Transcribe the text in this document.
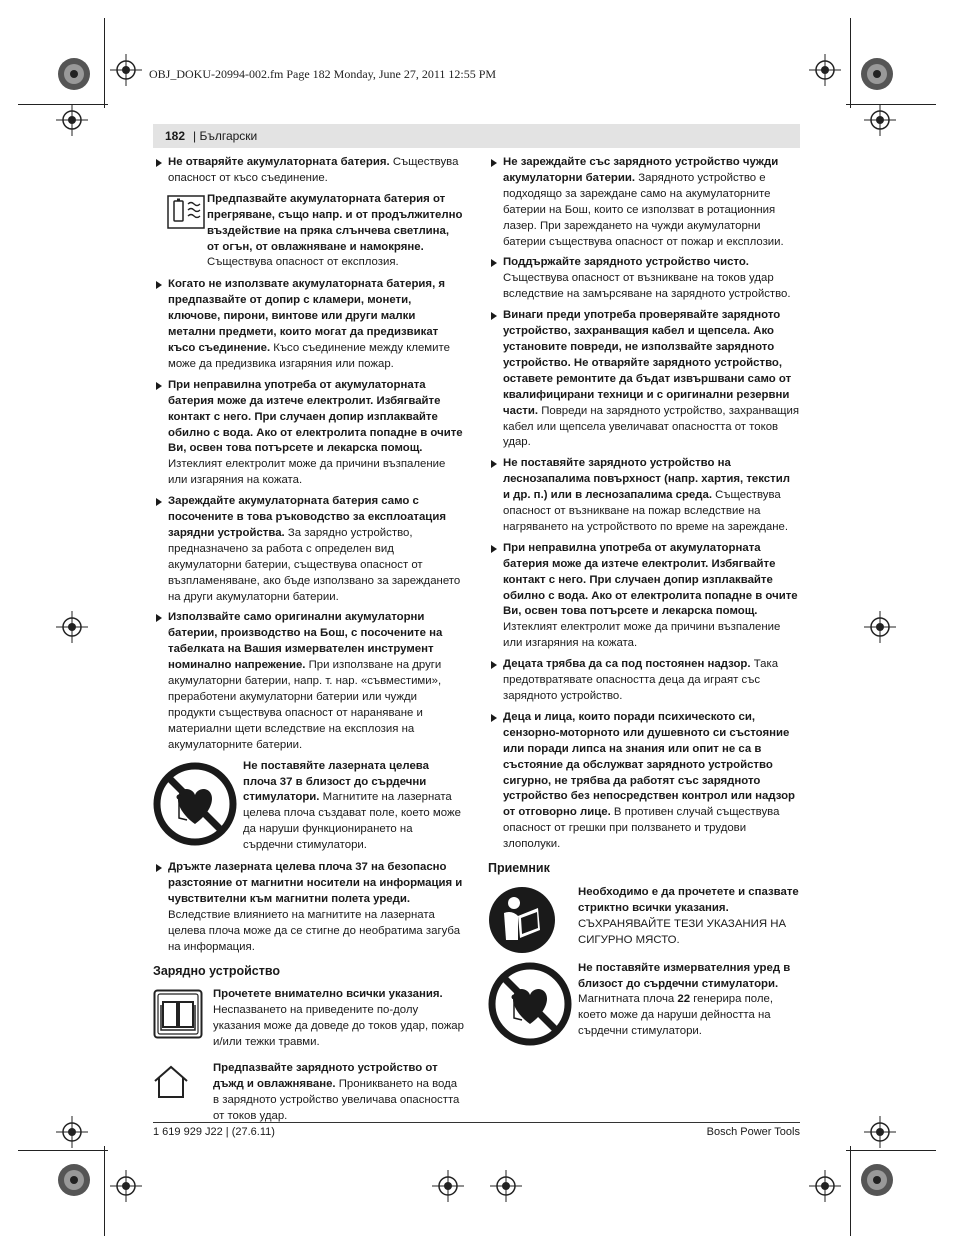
OBJ_DOKU-20994-002.fm Page 182 Monday, June 27, 2011 12:55 PM
182 | Български

Не отваряйте акумулаторната батерия. Съществува опасност от късо съединение.

Предпазвайте акумулаторната батерия от прегряване, също напр. и от продължително въздействие на пряка слънчева светлина, от огън, от овлажняване и намокряне. Съществува опасност от експлозия.

Когато не използвате акумулаторната батерия, я предпазвайте от допир с кламери, монети, ключове, пирони, винтове или други малки метални предмети, които могат да предизвикат късо съединение. Късо съединение между клемите може да предизвика изгаряния или пожар.

При неправилна употреба от акумулаторната батерия може да изтече електролит. Избягвайте контакт с него. При случаен допир изплаквайте обилно с вода. Ако от електролита попадне в очите Ви, освен това потърсете и лекарска помощ. Изтеклият електролит може да причини възпаление или изгаряния на кожата.

Зареждайте акумулаторната батерия само с посочените в това ръководство за експлоатация зарядни устройства. За зарядно устройство, предназначено за работа с определен вид акумулаторни батерии, съществува опасност от възпламеняване, ако бъде използвано за зареждането на други акумулаторни батерии.

Използвайте само оригинални акумулаторни батерии, производство на Бош, с посочените на табелката на Вашия измервателен инструмент номинално напрежение. При използване на други акумулаторни батерии, напр. т. нар. «съвместими», преработени акумулаторни батерии или чужди продукти съществува опасност от нараняване и материални щети вследствие на експлозия на акумулаторните батерии.

Не поставяйте лазерната целева плоча 37 в близост до сърдечни стимулатори. Магнитите на лазерната целева плоча създават поле, което може да наруши функционирането на сърдечни стимулатори.

Дръжте лазерната целева плоча 37 на безопасно разстояние от магнитни носители на информация и чувствителни към магнитни полета уреди. Вследствие влиянието на магнитите на лазерната целева плоча може да се стигне до необратима загуба на информация.

Зарядно устройство

Прочетете внимателно всички указания. Неспазването на приведените по-долу указания може да доведе до токов удар, пожар и/или тежки травми.

Предпазвайте зарядното устройство от дъжд и овлажняване. Проникването на вода в зарядното устройство увеличава опасността от токов удар.

Не зареждайте със зарядното устройство чужди акумулаторни батерии. Зарядното устройство е подходящо за зареждане само на акумулаторните батерии на Бош, които се използват в ротационния лазер. При зареждането на чужди акумулаторни батерии съществува опасност от пожар и експлозии.

Поддържайте зарядното устройство чисто. Съществува опасност от възникване на токов удар вследствие на замърсяване на зарядното устройство.

Винаги преди употреба проверявайте зарядното устройство, захранващия кабел и щепсела. Ако установите повреди, не използвайте зарядното устройство. Не отваряйте зарядното устройство, оставете ремонтите да бъдат извършвани само от квалифицирани техници и с оригинални резервни части. Повреди на зарядното устройство, захранващия кабел или щепсела увеличават опасността от токов удар.

Не поставяйте зарядното устройство на леснозапалима повърхност (напр. хартия, текстил и др. п.) или в леснозапалима среда. Съществува опасност от възникване на пожар вследствие на нагряването на устройството по време на зареждане.

При неправилна употреба от акумулаторната батерия може да изтече електролит. Избягвайте контакт с него. При случаен допир изплаквайте обилно с вода. Ако от електролита попадне в очите Ви, освен това потърсете и лекарска помощ. Изтеклият електролит може да причини възпаление или изгаряния на кожата.

Децата трябва да са под постоянен надзор. Така предотвратявате опасността деца да играят със зарядното устройство.

Деца и лица, които поради психическото си, сензорно-моторното или душевното си състояние или поради липса на знания или опит не са в състояние да обслужват зарядното устройство сигурно, не трябва да работят със зарядното устройство без непосредствен контрол или надзор от отговорно лице. В противен случай съществува опасност от грешки при ползването и трудови злополуки.

Приемник

Необходимо е да прочетете и спазвате стриктно всички указания. СЪХРАНЯВАЙТЕ ТЕЗИ УКАЗАНИЯ НА СИГУРНО МЯСТО.

Не поставяйте измервателния уред в близост до сърдечни стимулатори. Магнитната плоча 22 генерира поле, което може да наруши дейността на сърдечни стимулатори.

1 619 929 J22 | (27.6.11)	Bosch Power Tools
